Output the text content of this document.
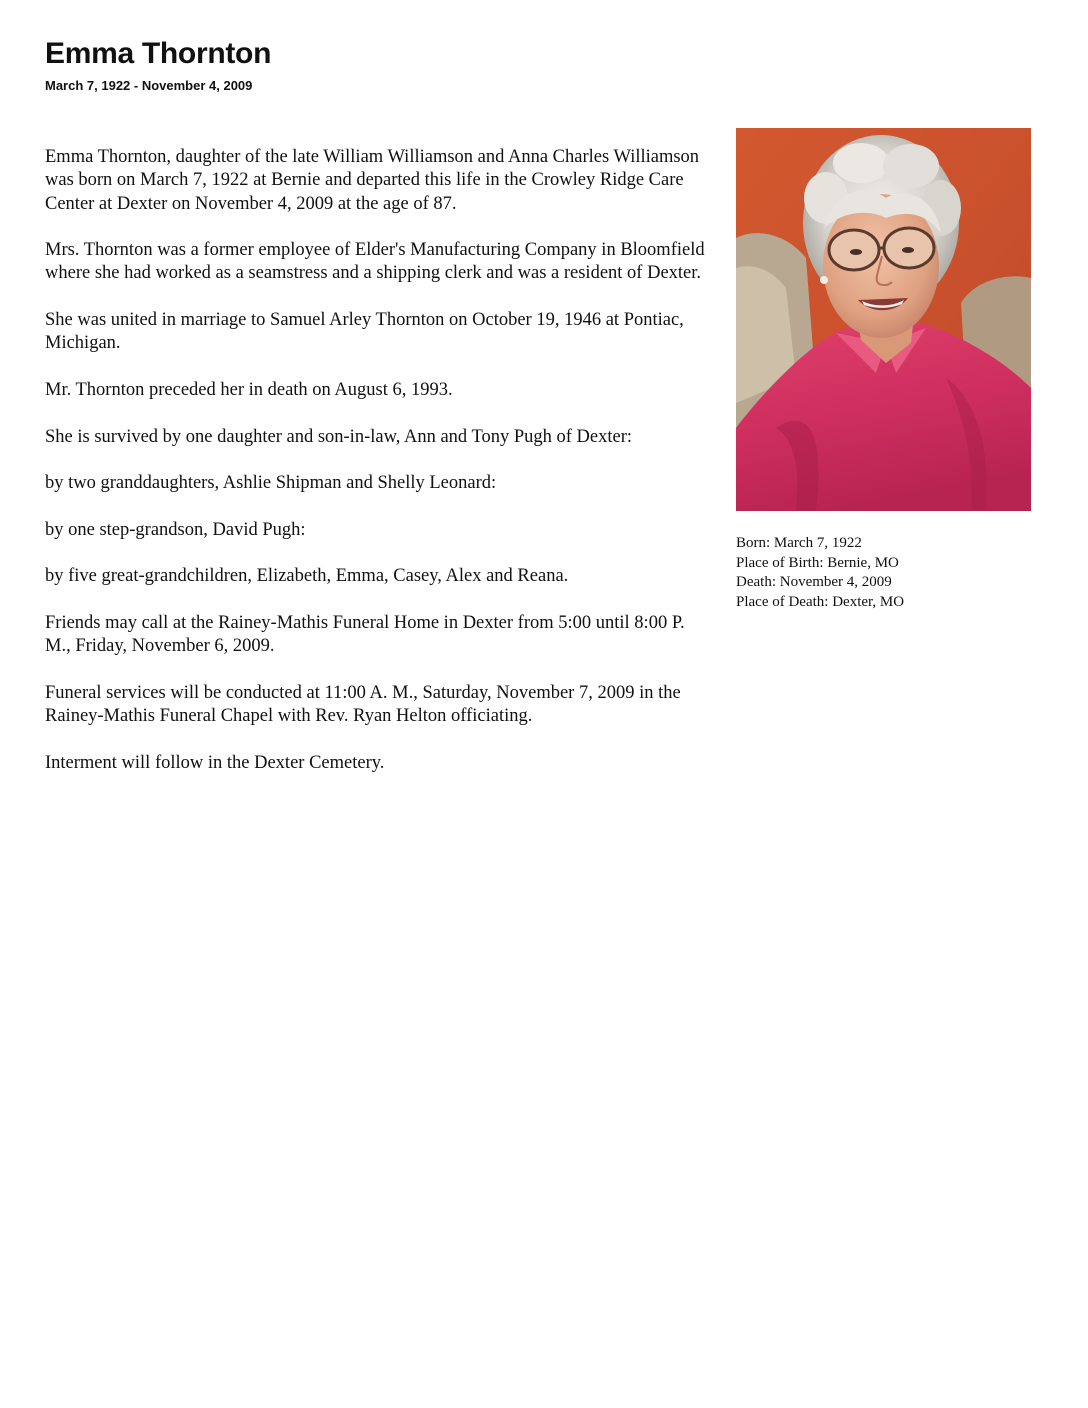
Emma Thornton
March 7, 1922 - November 4, 2009

Emma Thornton, daughter of the late William Williamson and Anna Charles Williamson was born on March 7, 1922 at Bernie and departed this life in the Crowley Ridge Care Center at Dexter on November 4, 2009 at the age of 87.

Mrs. Thornton was a former employee of Elder's Manufacturing Company in Bloomfield where she had worked as a seamstress and a shipping clerk and was a resident of Dexter.

She was united in marriage to Samuel Arley Thornton on October 19, 1946 at Pontiac, Michigan.

Mr. Thornton preceded her in death on August 6, 1993.

She is survived by one daughter and son-in-law, Ann and Tony Pugh of Dexter:

by two granddaughters, Ashlie Shipman and Shelly Leonard:

by one step-grandson, David Pugh:

by five great-grandchildren, Elizabeth, Emma, Casey, Alex and Reana.

Friends may call at the Rainey-Mathis Funeral Home in Dexter from 5:00 until 8:00 P. M., Friday, November 6, 2009.

Funeral services will be conducted at 11:00 A. M., Saturday, November 7, 2009 in the Rainey-Mathis Funeral Chapel with Rev. Ryan Helton officiating.

Interment will follow in the Dexter Cemetery.

Born: March 7, 1922
Place of Birth: Bernie, MO
Death: November 4, 2009
Place of Death: Dexter, MO
